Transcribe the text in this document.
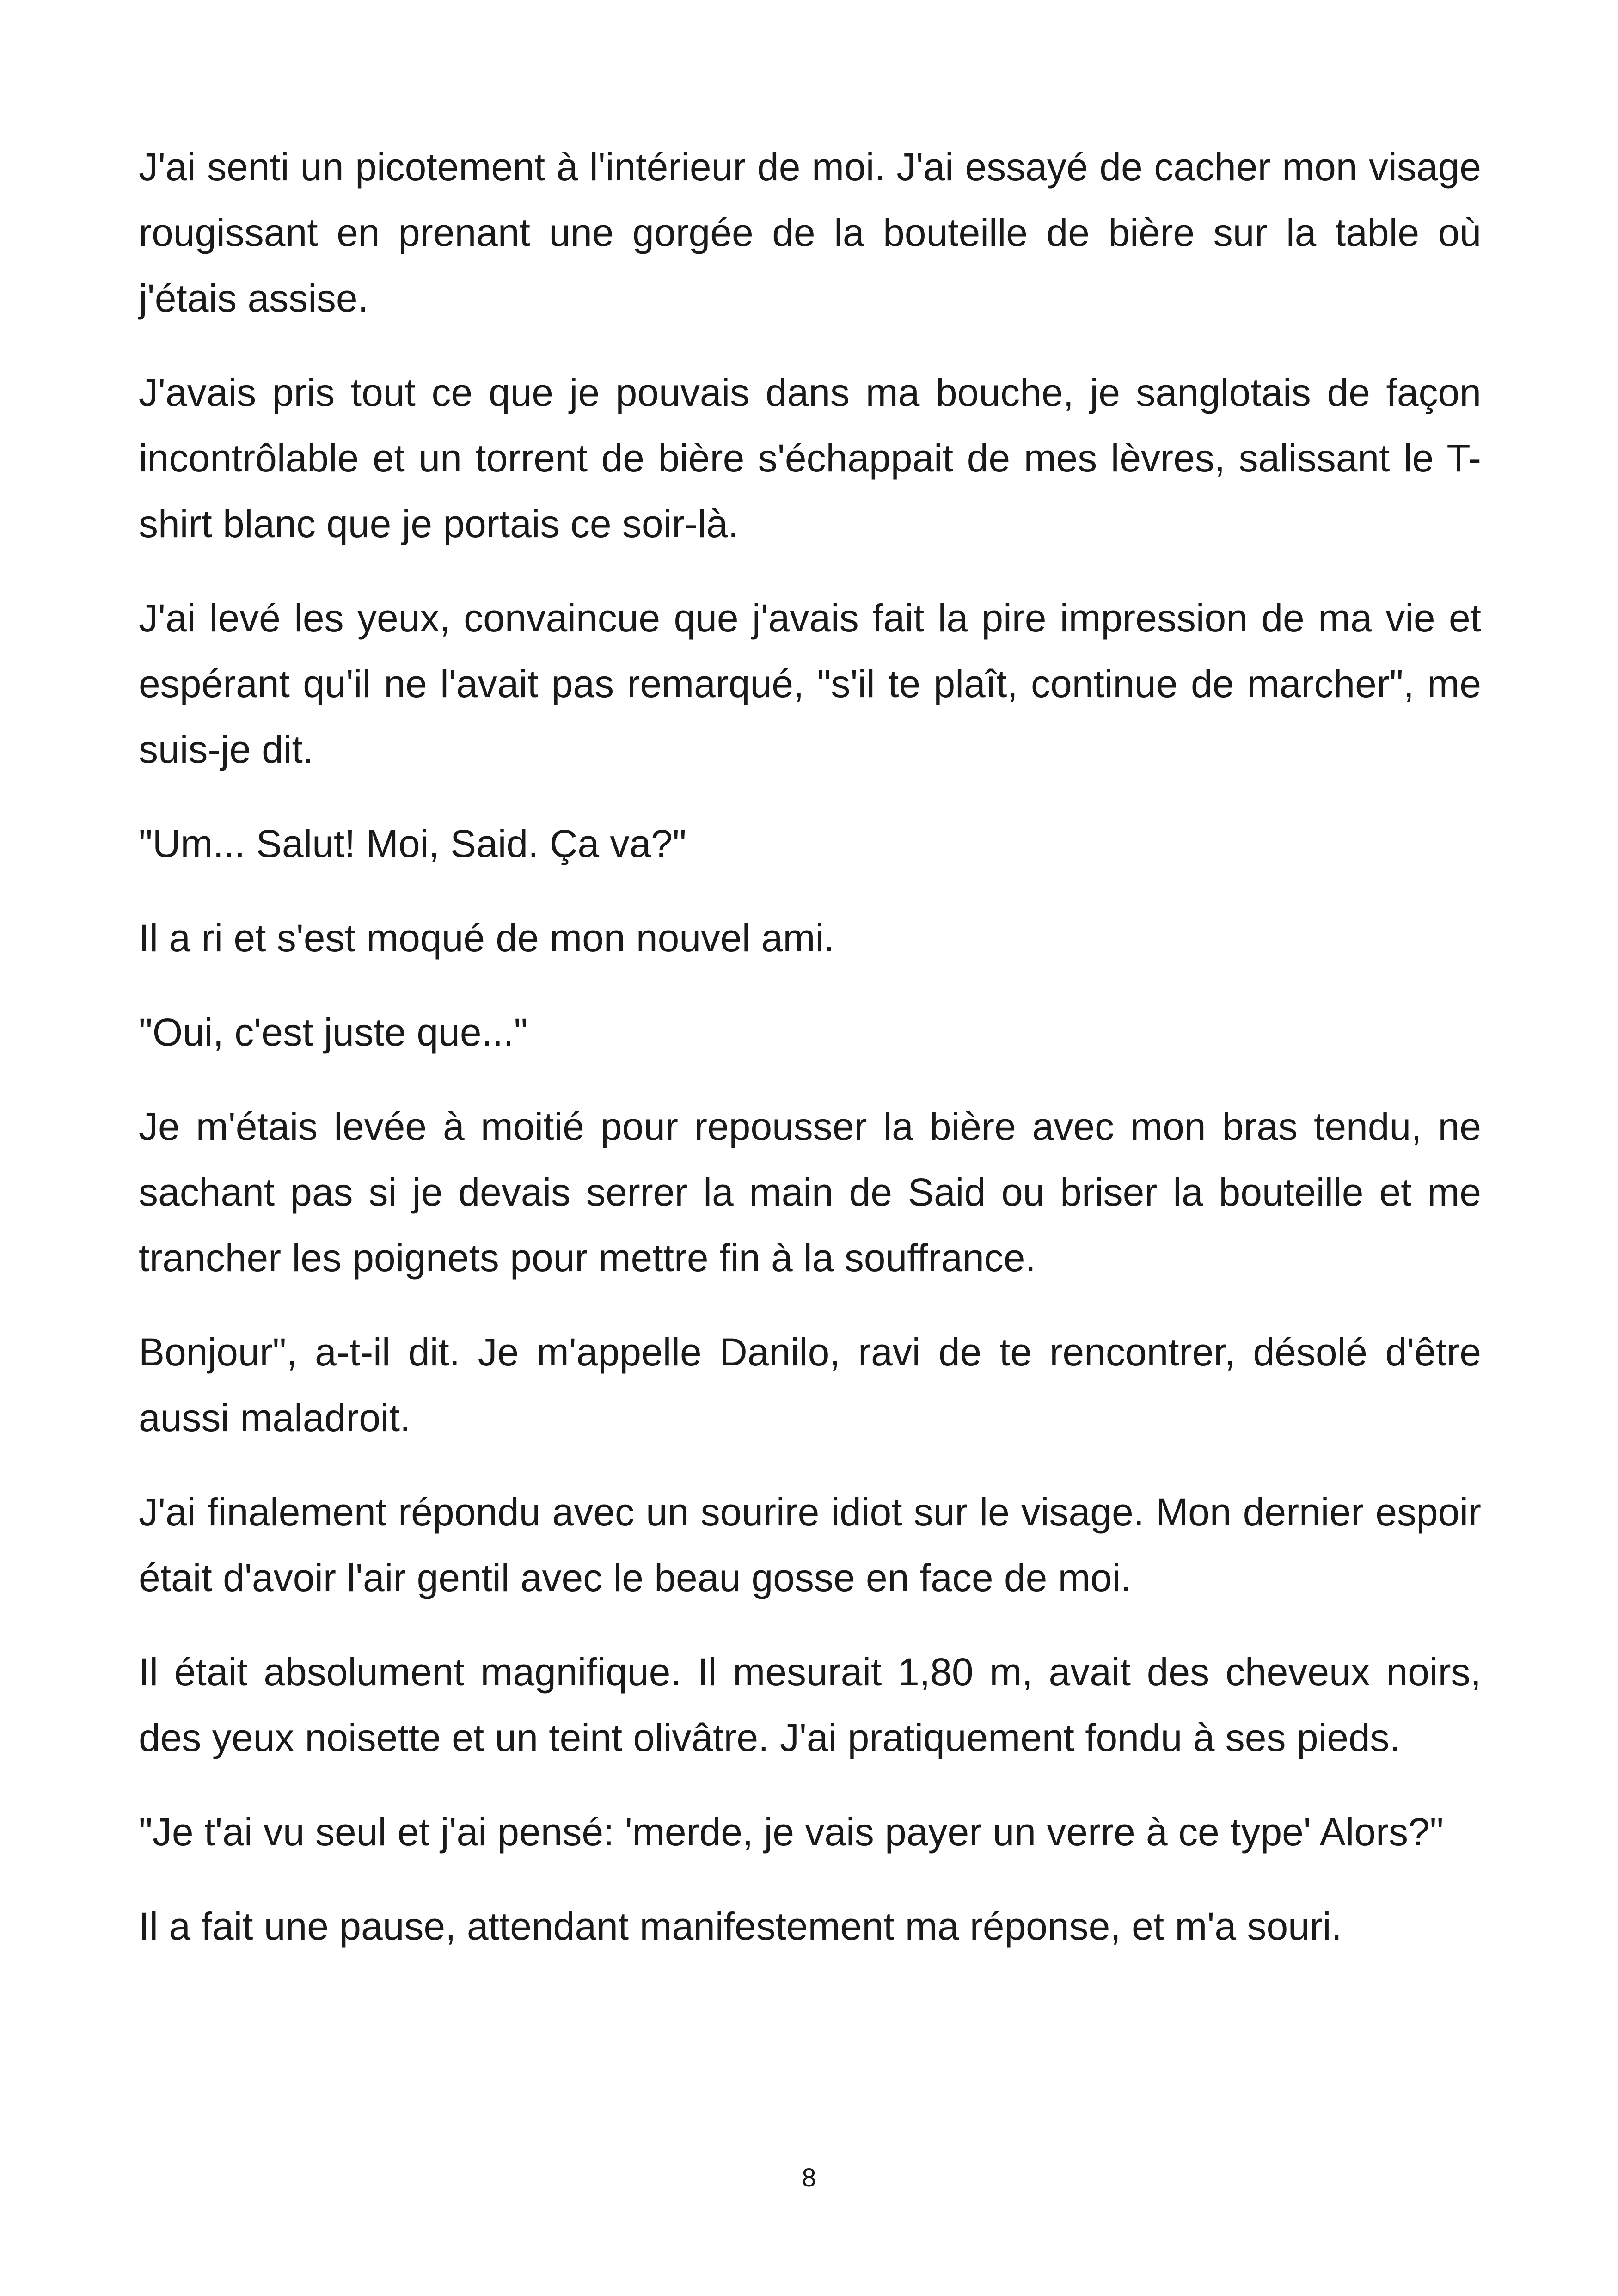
J'ai senti un picotement à l'intérieur de moi. J'ai essayé de cacher mon visage rougissant en prenant une gorgée de la bouteille de bière sur la table où j'étais assise.

J'avais pris tout ce que je pouvais dans ma bouche, je sanglotais de façon incontrôlable et un torrent de bière s'échappait de mes lèvres, salissant le T-shirt blanc que je portais ce soir-là.

J'ai levé les yeux, convaincue que j'avais fait la pire impression de ma vie et espérant qu'il ne l'avait pas remarqué, "s'il te plaît, continue de marcher", me suis-je dit.

"Um... Salut! Moi, Said. Ça va?"

Il a ri et s'est moqué de mon nouvel ami.

"Oui, c'est juste que..."

Je m'étais levée à moitié pour repousser la bière avec mon bras tendu, ne sachant pas si je devais serrer la main de Said ou briser la bouteille et me trancher les poignets pour mettre fin à la souffrance.

Bonjour", a-t-il dit. Je m'appelle Danilo, ravi de te rencontrer, désolé d'être aussi maladroit.

J'ai finalement répondu avec un sourire idiot sur le visage. Mon dernier espoir était d'avoir l'air gentil avec le beau gosse en face de moi.

Il était absolument magnifique. Il mesurait 1,80 m, avait des cheveux noirs, des yeux noisette et un teint olivâtre. J'ai pratiquement fondu à ses pieds.

"Je t'ai vu seul et j'ai pensé: 'merde, je vais payer un verre à ce type' Alors?"

Il a fait une pause, attendant manifestement ma réponse, et m'a souri.

8
